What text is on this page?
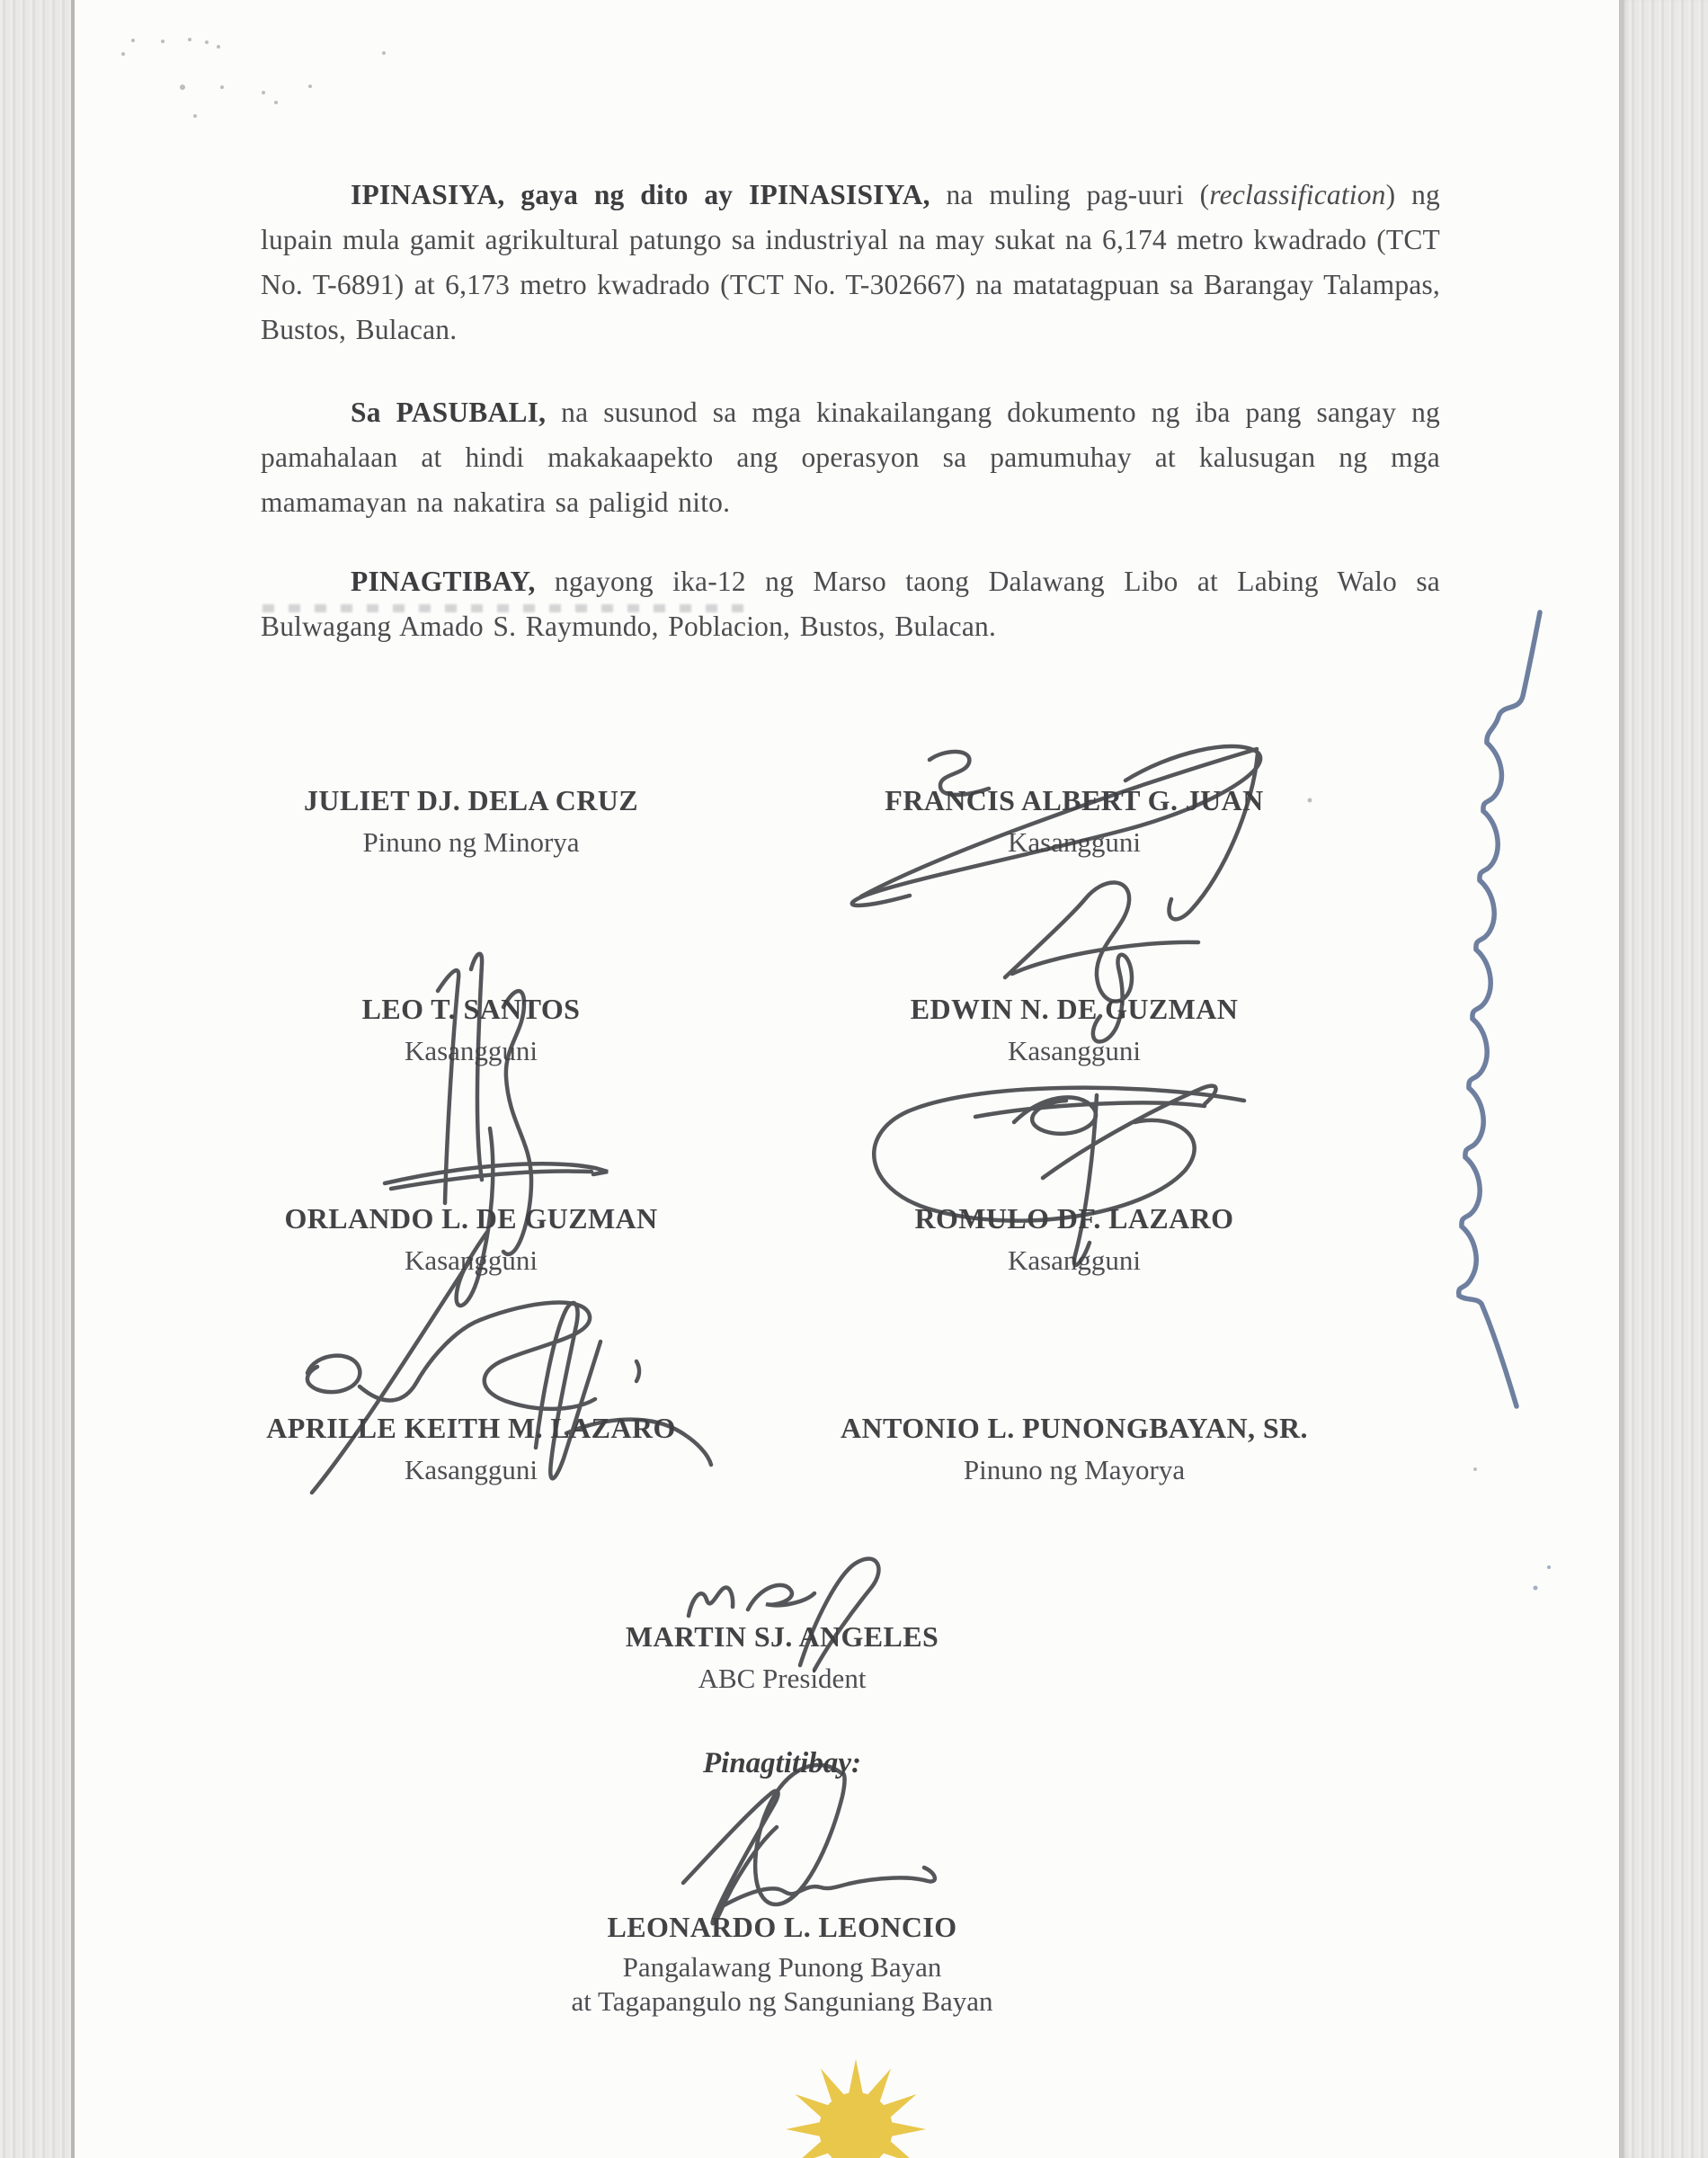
IPINASIYA, gaya ng dito ay IPINASISIYA, na muling pag-uuri (reclassification) ng lupain mula gamit agrikultural patungo sa industriyal na may sukat na 6,174 metro kwadrado (TCT No. T-6891) at 6,173 metro kwadrado (TCT No. T-302667) na matatagpuan sa Barangay Talampas, Bustos, Bulacan.

Sa PASUBALI, na susunod sa mga kinakailangang dokumento ng iba pang sangay ng pamahalaan at hindi makakaapekto ang operasyon sa pamumuhay at kalusugan ng mga mamamayan na nakatira sa paligid nito.

PINAGTIBAY, ngayong ika-12 ng Marso taong Dalawang Libo at Labing Walo sa Bulwagang Amado S. Raymundo, Poblacion, Bustos, Bulacan.

JULIET DJ. DELA CRUZ
Pinuno ng Minorya
FRANCIS ALBERT G. JUAN
Kasangguni
LEO T. SANTOS
Kasangguni
EDWIN N. DE GUZMAN
Kasangguni
ORLANDO L. DE GUZMAN
Kasangguni
ROMULO DF. LAZARO
Kasangguni
APRILLE KEITH M. LAZARO
Kasangguni
ANTONIO L. PUNONGBAYAN, SR.
Pinuno ng Mayorya
MARTIN SJ. ANGELES
ABC President
Pinagtitibay:
LEONARDO L. LEONCIO
Pangalawang Punong Bayan
at Tagapangulo ng Sanguniang Bayan
